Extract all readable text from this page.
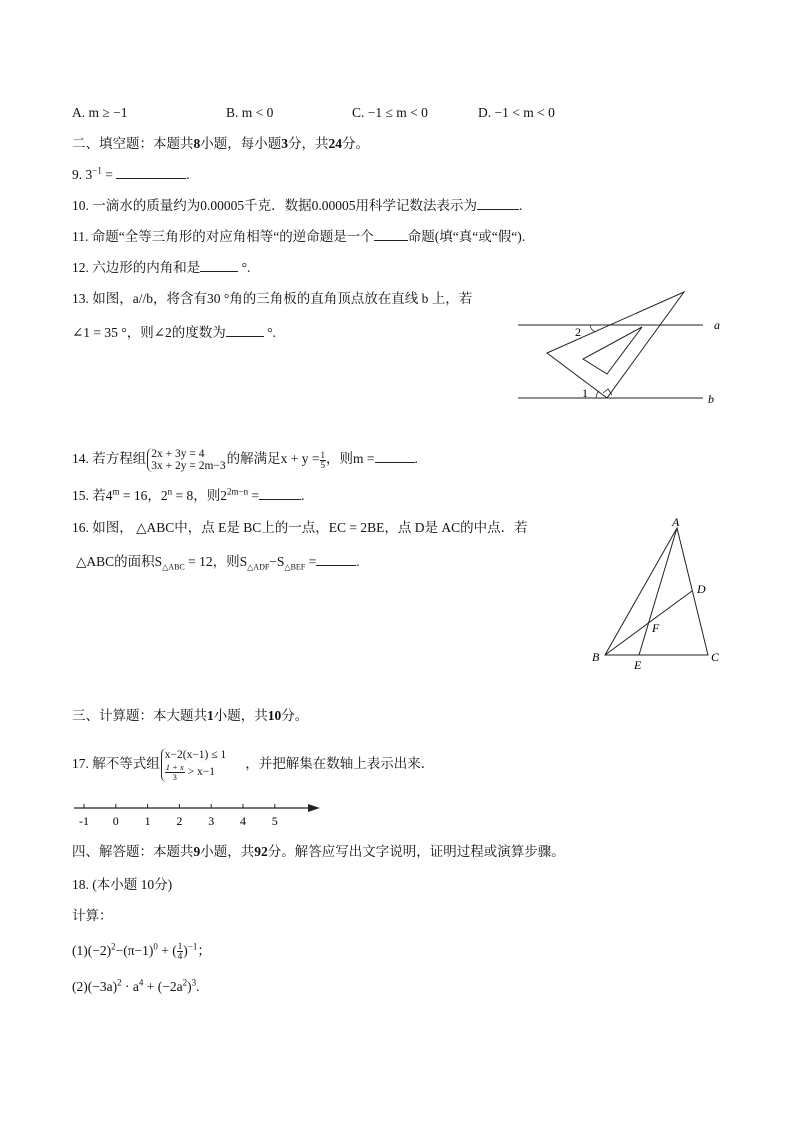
A. m ≥ −1	B. m < 0	C. −1 ≤ m < 0	D. −1 < m < 0
二、填空题：本题共8小题，每小题3分，共24分。
9. $3^{-1}$ =	.
10. 一滴水的质量约为0.00005千克．数据0.00005用科学记数法表示为	.
11. 命题“全等三角形的对应角相等“的逆命题是一个	命题(填“真“或“假“).
12. 六边形的内角和是	°.
13. 如图，a//b，将含有30 °角的三角板的直角顶点放在直线 b 上，若
∠1 = 35 °，则∠2的度数为	°.	a
b
1
2
14. 若方程组 2x + 3y = 4
3x + 2y = 2m−3 的解满足$x + y = \frac{1}{5}$ ，则m =	.
15. 若$4^m = 16$，$2^n = 8$，则$2^{2m-n}$ =	.
16. 如图， △ABC中，点 E是 BC上的一点，EC = 2BE，点 D是 AC的中点．若
△ABC的面积$S_{\triangle ABC} = 12$，则$S_{\triangle ADF}-S_{\triangle BEF}$ =	.
A
B	C
D
E
F
三、计算题：本大题共1小题，共10分。
17. 解不等式组
x−2(x−1) ≤ 1
$\frac{1 + x}{3} > x-1$
，并把解集在数轴上表示出来．
-1 0 1 2 3 4 5
四、解答题：本题共9小题，共92分。解答应写出文字说明，证明过程或演算步骤。
18. (本小题 10分)
计算：
$(1)(-2)^2-(\pi-1)^0$ + ( $\frac{1}{4} )^{-1}$；
$(2)(-3a)^2 \cdot a^4 + (-2a^2)^3$.
